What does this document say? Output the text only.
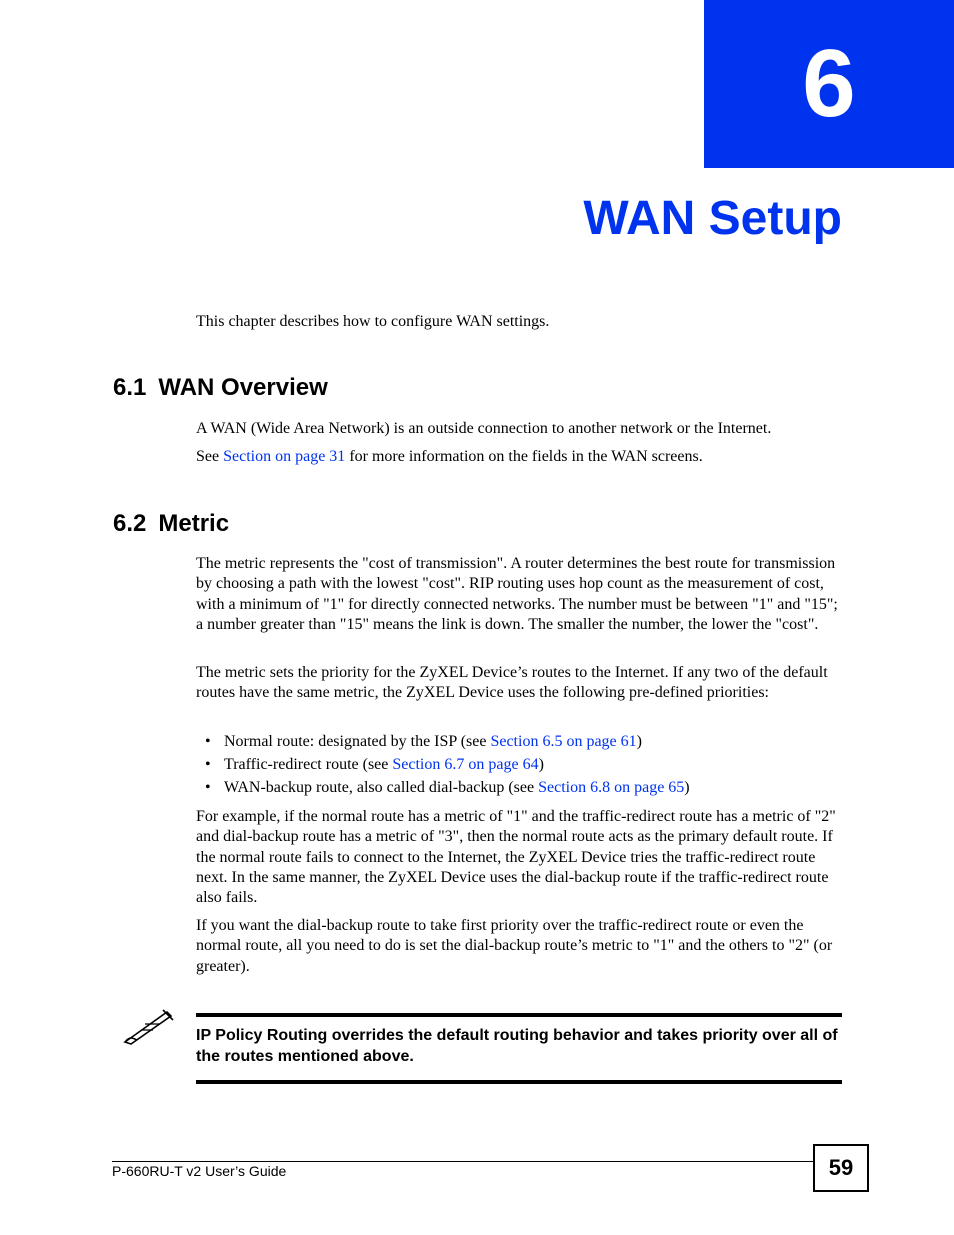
6
WAN Setup

This chapter describes how to configure WAN settings.

6.1 WAN Overview

A WAN (Wide Area Network) is an outside connection to another network or the Internet.

See Section on page 31 for more information on the fields in the WAN screens.

6.2 Metric

The metric represents the "cost of transmission". A router determines the best route for transmission by choosing a path with the lowest "cost". RIP routing uses hop count as the measurement of cost, with a minimum of "1" for directly connected networks. The number must be between "1" and "15"; a number greater than "15" means the link is down. The smaller the number, the lower the "cost".

The metric sets the priority for the ZyXEL Device’s routes to the Internet. If any two of the default routes have the same metric, the ZyXEL Device uses the following pre-defined priorities:

• Normal route: designated by the ISP (see Section 6.5 on page 61)
• Traffic-redirect route (see Section 6.7 on page 64)
• WAN-backup route, also called dial-backup (see Section 6.8 on page 65)

For example, if the normal route has a metric of "1" and the traffic-redirect route has a metric of "2" and dial-backup route has a metric of "3", then the normal route acts as the primary default route. If the normal route fails to connect to the Internet, the ZyXEL Device tries the traffic-redirect route next. In the same manner, the ZyXEL Device uses the dial-backup route if the traffic-redirect route also fails.

If you want the dial-backup route to take first priority over the traffic-redirect route or even the normal route, all you need to do is set the dial-backup route’s metric to "1" and the others to "2" (or greater).

IP Policy Routing overrides the default routing behavior and takes priority over all of the routes mentioned above.

P-660RU-T v2 User’s Guide	59
